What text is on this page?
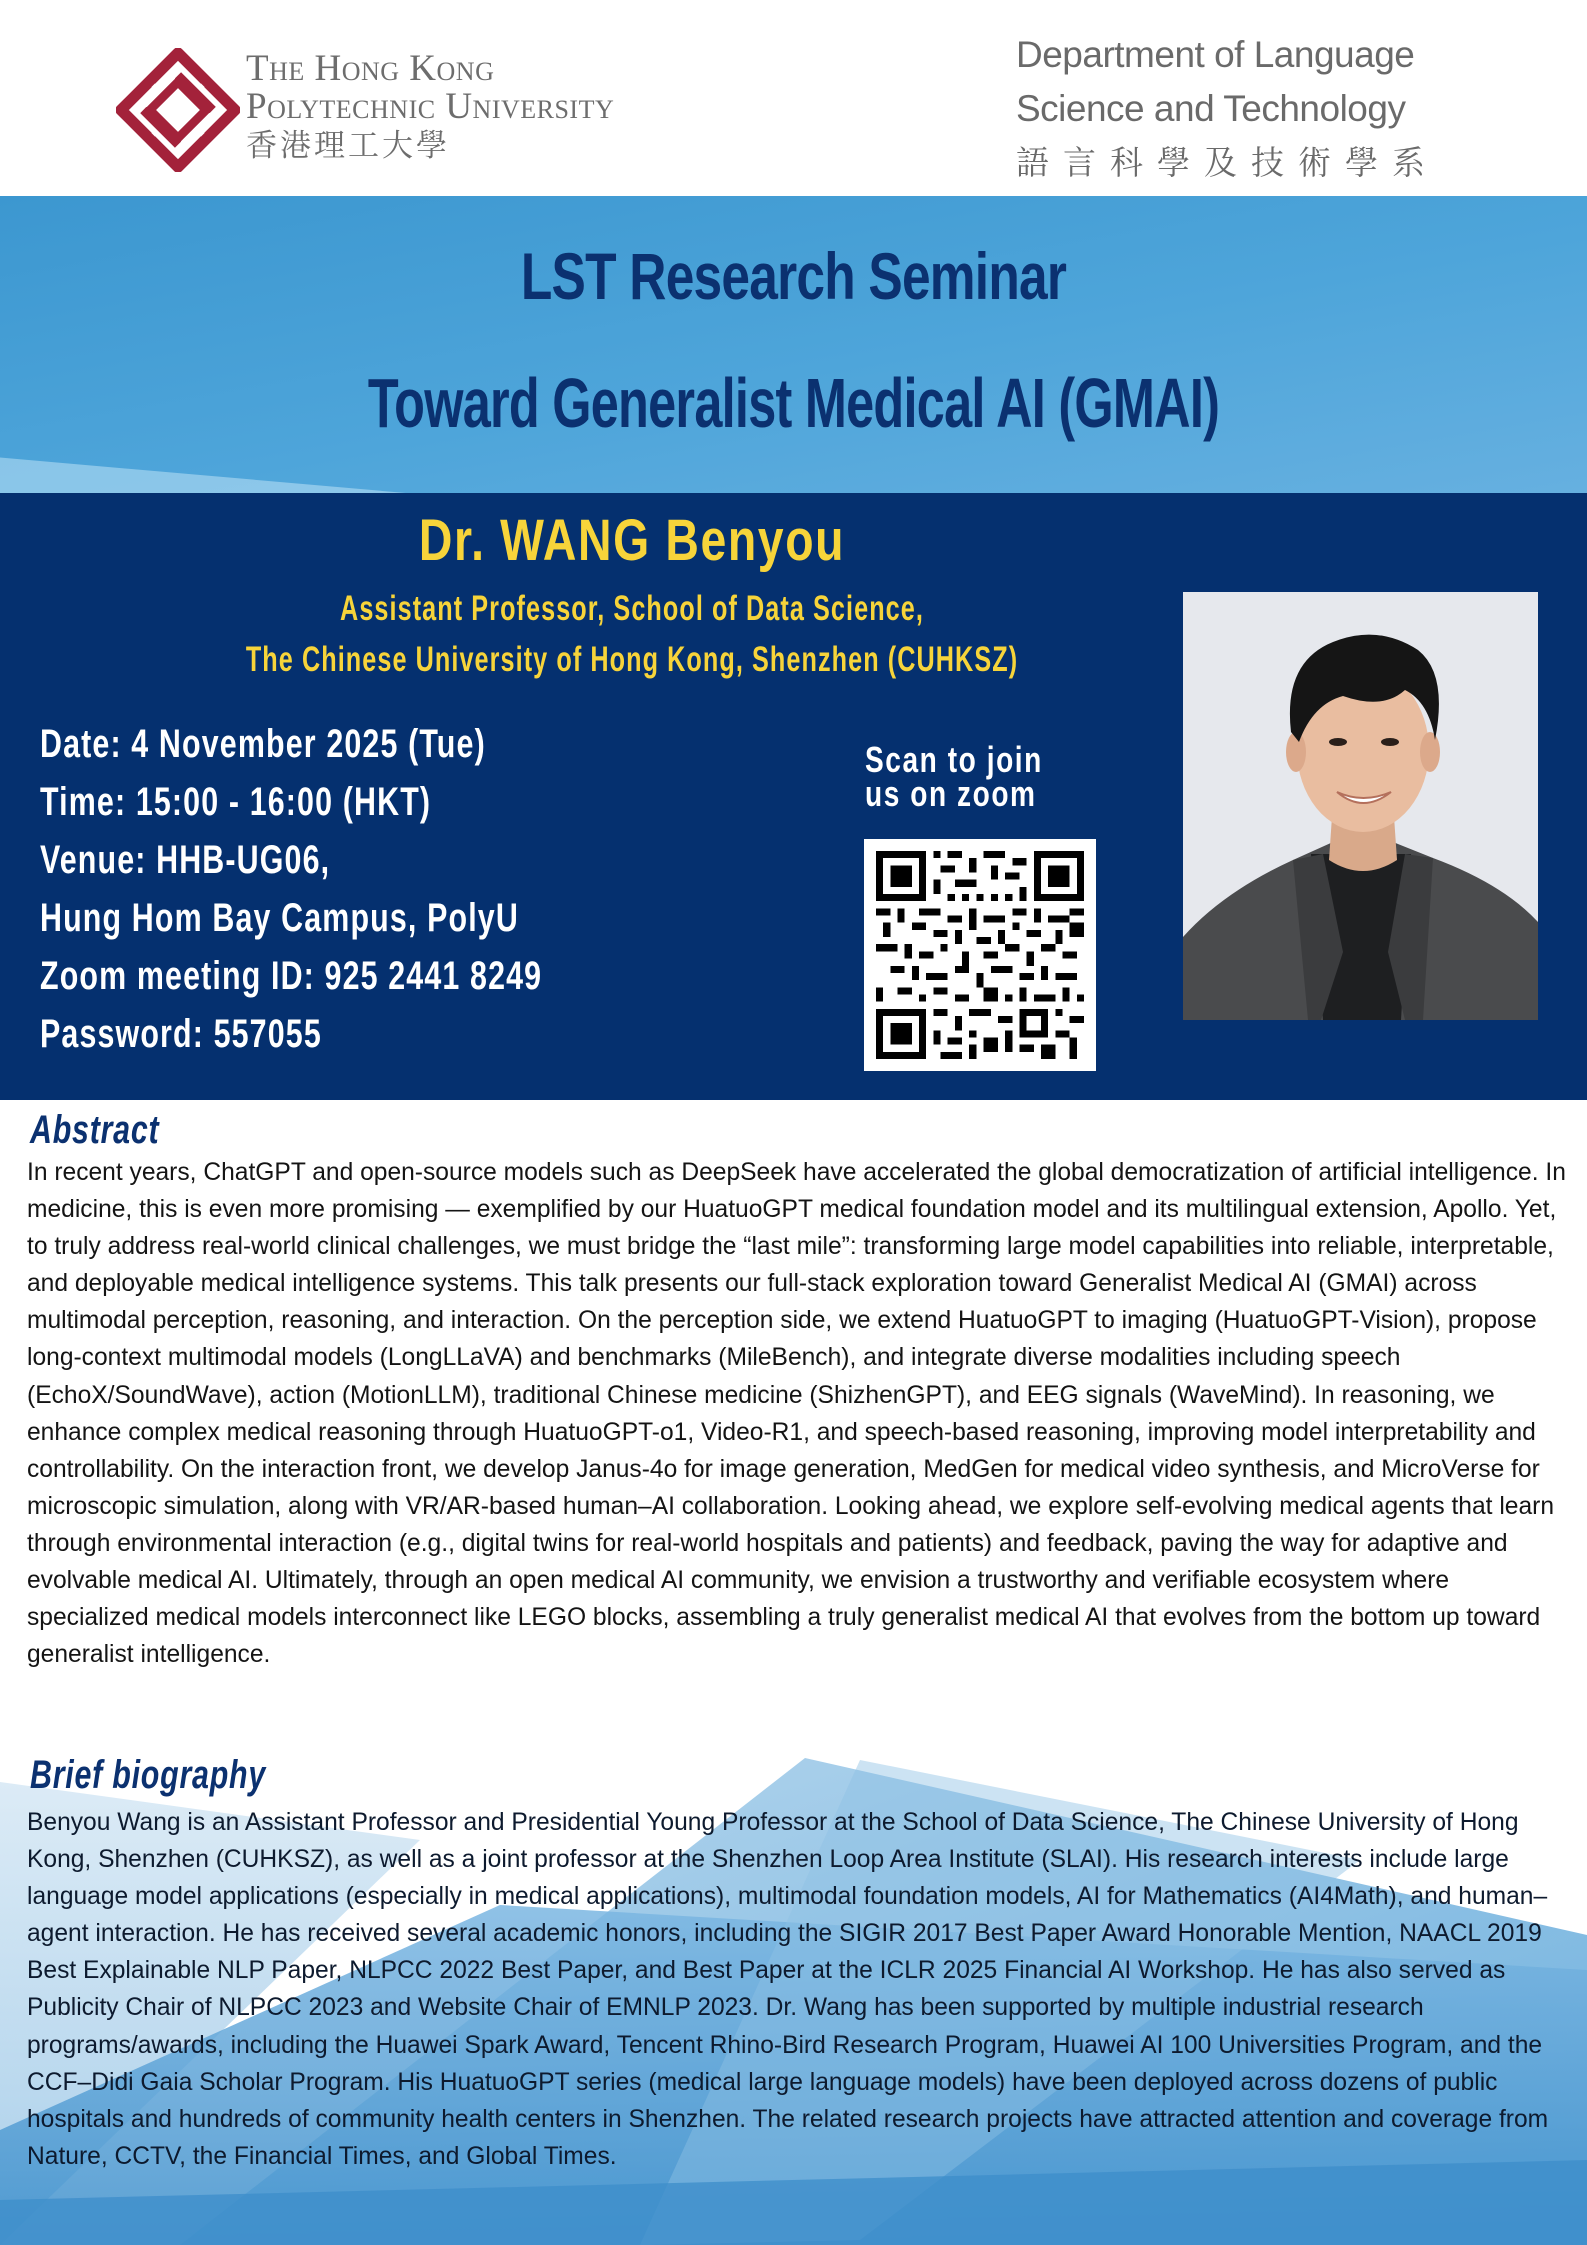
The Hong Kong
Polytechnic University
香港理工大學
Department of Language
Science and Technology
語言科學及技術學系
LST Research Seminar
Toward Generalist Medical AI (GMAI)
Dr. WANG Benyou
Assistant Professor, School of Data Science,
The Chinese University of Hong Kong, Shenzhen (CUHKSZ)
Date: 4 November 2025 (Tue)
Time: 15:00 - 16:00 (HKT)
Venue: HHB-UG06,
Hung Hom Bay Campus, PolyU
Zoom meeting ID: 925 2441 8249
Password: 557055
Scan to join
us on zoom
Abstract

In recent years, ChatGPT and open-source models such as DeepSeek have accelerated the global democratization of artificial intelligence. In medicine, this is even more promising — exemplified by our HuatuoGPT medical foundation model and its multilingual extension, Apollo. Yet, to truly address real-world clinical challenges, we must bridge the “last mile”: transforming large model capabilities into reliable, interpretable, and deployable medical intelligence systems. This talk presents our full-stack exploration toward Generalist Medical AI (GMAI) across multimodal perception, reasoning, and interaction. On the perception side, we extend HuatuoGPT to imaging (HuatuoGPT-Vision), propose long-context multimodal models (LongLLaVA) and benchmarks (MileBench), and integrate diverse modalities including speech (EchoX/SoundWave), action (MotionLLM), traditional Chinese medicine (ShizhenGPT), and EEG signals (WaveMind). In reasoning, we enhance complex medical reasoning through HuatuoGPT-o1, Video-R1, and speech-based reasoning, improving model interpretability and controllability. On the interaction front, we develop Janus-4o for image generation, MedGen for medical video synthesis, and MicroVerse for microscopic simulation, along with VR/AR-based human–AI collaboration. Looking ahead, we explore self-evolving medical agents that learn through environmental interaction (e.g., digital twins for real-world hospitals and patients) and feedback, paving the way for adaptive and evolvable medical AI. Ultimately, through an open medical AI community, we envision a trustworthy and verifiable ecosystem where specialized medical models interconnect like LEGO blocks, assembling a truly generalist medical AI that evolves from the bottom up toward generalist intelligence.

Brief biography

Benyou Wang is an Assistant Professor and Presidential Young Professor at the School of Data Science, The Chinese University of Hong Kong, Shenzhen (CUHKSZ), as well as a joint professor at the Shenzhen Loop Area Institute (SLAI). His research interests include large language model applications (especially in medical applications), multimodal foundation models, AI for Mathematics (AI4Math), and human–agent interaction. He has received several academic honors, including the SIGIR 2017 Best Paper Award Honorable Mention, NAACL 2019 Best Explainable NLP Paper, NLPCC 2022 Best Paper, and Best Paper at the ICLR 2025 Financial AI Workshop. He has also served as Publicity Chair of NLPCC 2023 and Website Chair of EMNLP 2023. Dr. Wang has been supported by multiple industrial research programs/awards, including the Huawei Spark Award, Tencent Rhino-Bird Research Program, Huawei AI 100 Universities Program, and the CCF–Didi Gaia Scholar Program. His HuatuoGPT series (medical large language models) have been deployed across dozens of public hospitals and hundreds of community health centers in Shenzhen. The related research projects have attracted attention and coverage from Nature, CCTV, the Financial Times, and Global Times.
